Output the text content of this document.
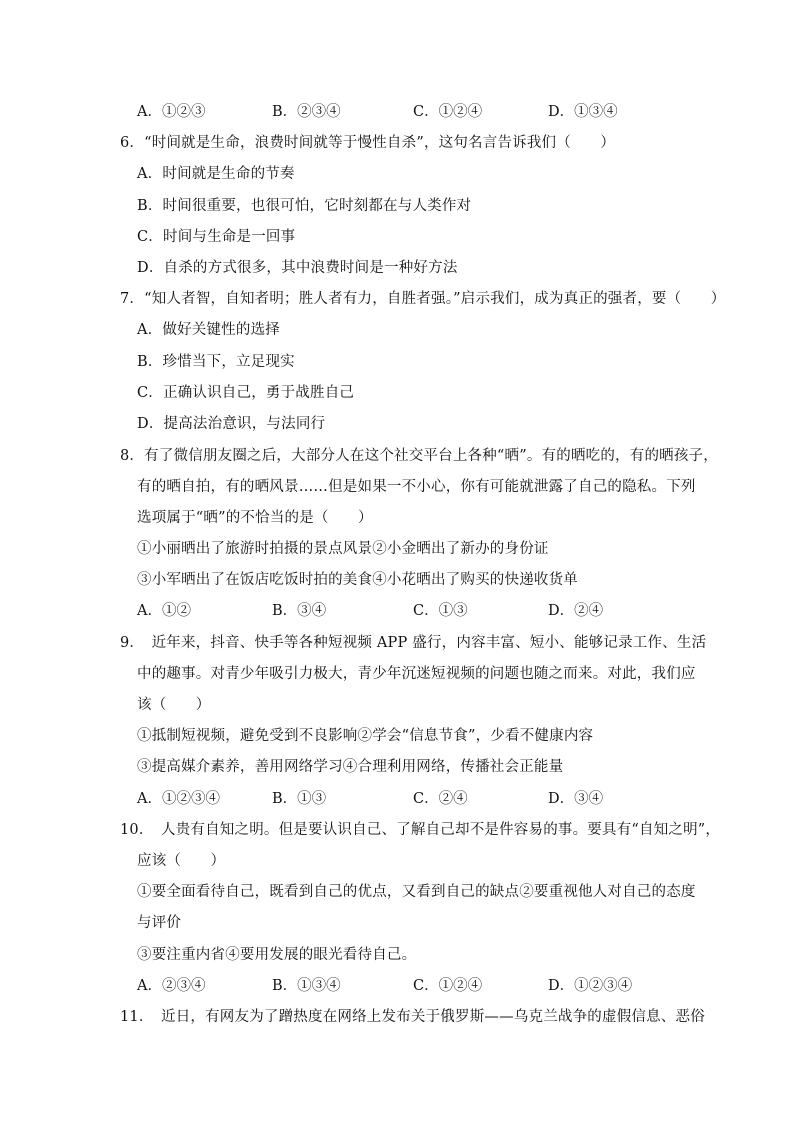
A．①②③	B．②③④	C．①②④	D．①③④
6．“时间就是生命，浪费时间就等于慢性自杀”，这句名言告诉我们（　　）
A．时间就是生命的节奏
B．时间很重要，也很可怕，它时刻都在与人类作对
C．时间与生命是一回事
D．自杀的方式很多，其中浪费时间是一种好方法
7．“知人者智，自知者明；胜人者有力，自胜者强。”启示我们，成为真正的强者，要（　　）
A．做好关键性的选择
B．珍惜当下，立足现实
C．正确认识自己，勇于战胜自己
D．提高法治意识，与法同行
8．有了微信朋友圈之后，大部分人在这个社交平台上各种“晒”。有的晒吃的，有的晒孩子，
有的晒自拍，有的晒风景……但是如果一不小心，你有可能就泄露了自己的隐私。下列
选项属于“晒”的不恰当的是（　　）
①小丽晒出了旅游时拍摄的景点风景②小金晒出了新办的身份证
③小军晒出了在饭店吃饭时拍的美食④小花晒出了购买的快递收货单
A．①②	B．③④	C．①③	D．②④
9．　近年来，抖音、快手等各种短视频 APP 盛行，内容丰富、短小、能够记录工作、生活
中的趣事。对青少年吸引力极大，青少年沉迷短视频的问题也随之而来。对此，我们应
该（　　）
①抵制短视频，避免受到不良影响②学会“信息节食”，少看不健康内容
③提高媒介素养，善用网络学习④合理利用网络，传播社会正能量
A．①②③④	B．①③	C．②④	D．③④
10．　人贵有自知之明。但是要认识自己、了解自己却不是件容易的事。要具有“自知之明”，
应该（　　）
①要全面看待自己，既看到自己的优点，又看到自己的缺点②要重视他人对自己的态度
与评价
③要注重内省④要用发展的眼光看待自己。
A．②③④	B．①③④	C．①②④	D．①②③④
11．　近日，有网友为了蹭热度在网络上发布关于俄罗斯——乌克兰战争的虚假信息、恶俗
